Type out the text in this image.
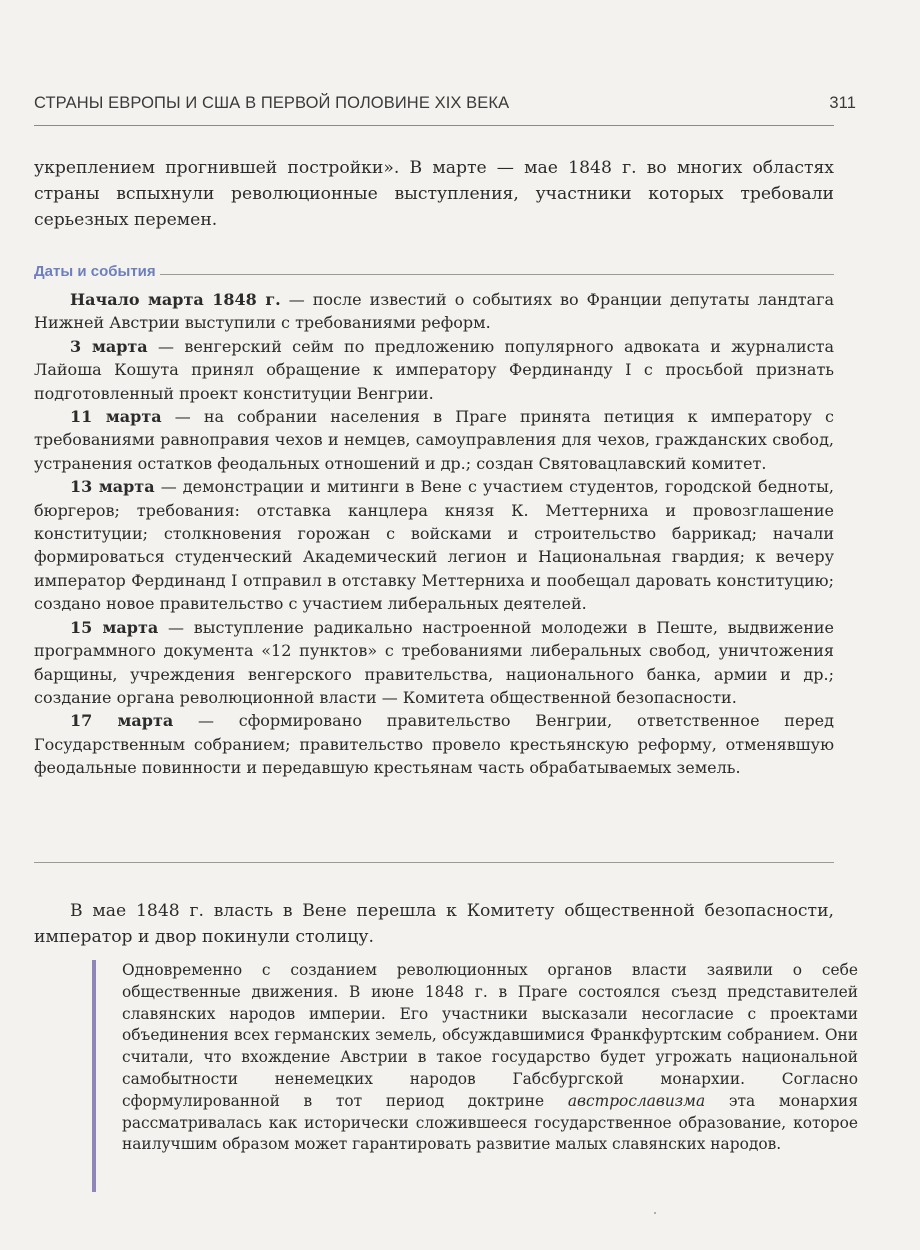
СТРАНЫ ЕВРОПЫ И США В ПЕРВОЙ ПОЛОВИНЕ XIX ВЕКА	311

укреплением прогнившей постройки». В марте — мае 1848 г. во многих областях страны вспыхнули революционные выступления, участники которых требовали серьезных перемен.

Даты и события

Начало марта 1848 г. — после известий о событиях во Франции депутаты ландтага Нижней Австрии выступили с требованиями реформ.

3 марта — венгерский сейм по предложению популярного адвоката и журналиста Лайоша Кошута принял обращение к императору Фердинанду I с просьбой признать подготовленный проект конституции Венгрии.

11 марта — на собрании населения в Праге принята петиция к императору с требованиями равноправия чехов и немцев, самоуправления для чехов, гражданских свобод, устранения остатков феодальных отношений и др.; создан Святовацлавский комитет.

13 марта — демонстрации и митинги в Вене с участием студентов, городской бедноты, бюргеров; требования: отставка канцлера князя К. Меттерниха и провозглашение конституции; столкновения горожан с войсками и строительство баррикад; начали формироваться студенческий Академический легион и Национальная гвардия; к вечеру император Фердинанд I отправил в отставку Меттерниха и пообещал даровать конституцию; создано новое правительство с участием либеральных деятелей.

15 марта — выступление радикально настроенной молодежи в Пеште, выдвижение программного документа «12 пунктов» с требованиями либеральных свобод, уничтожения барщины, учреждения венгерского правительства, национального банка, армии и др.; создание органа революционной власти — Комитета общественной безопасности.

17 марта — сформировано правительство Венгрии, ответственное перед Государственным собранием; правительство провело крестьянскую реформу, отменявшую феодальные повинности и передавшую крестьянам часть обрабатываемых земель.

В мае 1848 г. власть в Вене перешла к Комитету общественной безопасности, император и двор покинули столицу.

Одновременно с созданием революционных органов власти заявили о себе общественные движения. В июне 1848 г. в Праге состоялся съезд представителей славянских народов империи. Его участники высказали несогласие с проектами объединения всех германских земель, обсуждавшимися Франкфуртским собранием. Они считали, что вхождение Австрии в такое государство будет угрожать национальной самобытности ненемецких народов Габсбургской монархии. Согласно сформулированной в тот период доктрине австрославизма эта монархия рассматривалась как исторически сложившееся государственное образование, которое наилучшим образом может гарантировать развитие малых славянских народов.
